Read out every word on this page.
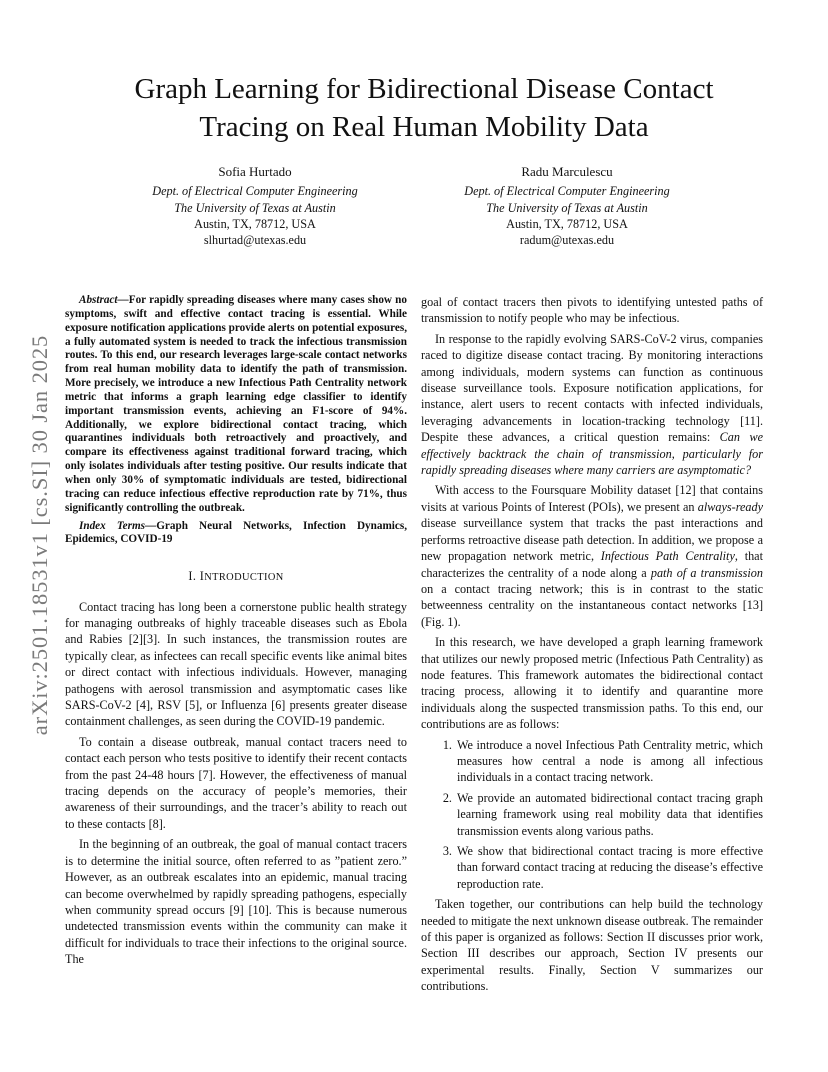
arXiv:2501.18531v1 [cs.SI] 30 Jan 2025
Graph Learning for Bidirectional Disease Contact
Tracing on Real Human Mobility Data
Sofia Hurtado
Dept. of Electrical Computer Engineering
The University of Texas at Austin
Austin, TX, 78712, USA
slhurtad@utexas.edu
Radu Marculescu
Dept. of Electrical Computer Engineering
The University of Texas at Austin
Austin, TX, 78712, USA
radum@utexas.edu

Abstract—For rapidly spreading diseases where many cases show no symptoms, swift and effective contact tracing is essential. While exposure notification applications provide alerts on potential exposures, a fully automated system is needed to track the infectious transmission routes. To this end, our research leverages large-scale contact networks from real human mobility data to identify the path of transmission. More precisely, we introduce a new Infectious Path Centrality network metric that informs a graph learning edge classifier to identify important transmission events, achieving an F1-score of 94%. Additionally, we explore bidirectional contact tracing, which quarantines individuals both retroactively and proactively, and compare its effectiveness against traditional forward tracing, which only isolates individuals after testing positive. Our results indicate that when only 30% of symptomatic individuals are tested, bidirectional tracing can reduce infectious effective reproduction rate by 71%, thus significantly controlling the outbreak.

Index Terms—Graph Neural Networks, Infection Dynamics, Epidemics, COVID-19

I. INTRODUCTION

Contact tracing has long been a cornerstone public health strategy for managing outbreaks of highly traceable diseases such as Ebola and Rabies [2][3]. In such instances, the transmission routes are typically clear, as infectees can recall specific events like animal bites or direct contact with infectious individuals. However, managing pathogens with aerosol transmission and asymptomatic cases like SARS-CoV-2 [4], RSV [5], or Influenza [6] presents greater disease containment challenges, as seen during the COVID-19 pandemic.

To contain a disease outbreak, manual contact tracers need to contact each person who tests positive to identify their recent contacts from the past 24-48 hours [7]. However, the effectiveness of manual tracing depends on the accuracy of people’s memories, their awareness of their surroundings, and the tracer’s ability to reach out to these contacts [8].

In the beginning of an outbreak, the goal of manual contact tracers is to determine the initial source, often referred to as ”patient zero.” However, as an outbreak escalates into an epidemic, manual tracing can become overwhelmed by rapidly spreading pathogens, especially when community spread occurs [9] [10]. This is because numerous undetected transmission events within the community can make it difficult for individuals to trace their infections to the original source. The

goal of contact tracers then pivots to identifying untested paths of transmission to notify people who may be infectious.

In response to the rapidly evolving SARS-CoV-2 virus, companies raced to digitize disease contact tracing. By monitoring interactions among individuals, modern systems can function as continuous disease surveillance tools. Exposure notification applications, for instance, alert users to recent contacts with infected individuals, leveraging advancements in location-tracking technology [11]. Despite these advances, a critical question remains: Can we effectively backtrack the chain of transmission, particularly for rapidly spreading diseases where many carriers are asymptomatic?

With access to the Foursquare Mobility dataset [12] that contains visits at various Points of Interest (POIs), we present an always-ready disease surveillance system that tracks the past interactions and performs retroactive disease path detection. In addition, we propose a new propagation network metric, Infectious Path Centrality, that characterizes the centrality of a node along a path of a transmission on a contact tracing network; this is in contrast to the static betweenness centrality on the instantaneous contact networks [13] (Fig. 1).

In this research, we have developed a graph learning framework that utilizes our newly proposed metric (Infectious Path Centrality) as node features. This framework automates the bidirectional contact tracing process, allowing it to identify and quarantine more individuals along the suspected transmission paths. To this end, our contributions are as follows:

1. We introduce a novel Infectious Path Centrality metric, which measures how central a node is among all infectious individuals in a contact tracing network.
2. We provide an automated bidirectional contact tracing graph learning framework using real mobility data that identifies transmission events along various paths.
3. We show that bidirectional contact tracing is more effective than forward contact tracing at reducing the disease’s effective reproduction rate.

Taken together, our contributions can help build the technology needed to mitigate the next unknown disease outbreak. The remainder of this paper is organized as follows: Section II discusses prior work, Section III describes our approach, Section IV presents our experimental results. Finally, Section V summarizes our contributions.
